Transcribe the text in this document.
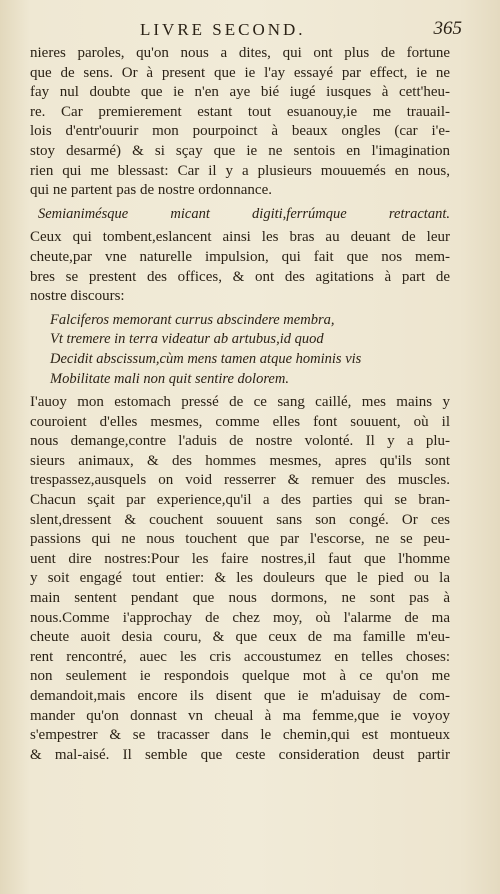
LIVRE SECOND.	365
nieres paroles, qu'on nous a dites, qui ont plus de fortune
que de sens. Or à present que ie l'ay essayé par effect, ie ne
fay nul doubte que ie n'en aye bié iugé iusques à cett'heu-
re. Car premierement estant tout esuanouy,ie me trauail-
lois d'entr'ouurir mon pourpoinct à beaux ongles (car i'e-
stoy desarmé) & si sçay que ie ne sentois en l'imagination
rien qui me blessast: Car il y a plusieurs mouuemés en nous,
qui ne partent pas de nostre ordonnance.
Semianimésque micant digiti,ferrúmque retractant.
Ceux qui tombent,eslancent ainsi les bras au deuant de leur
cheute,par vne naturelle impulsion, qui fait que nos mem-
bres se prestent des offices, & ont des agitations à part de
nostre discours:
Falciferos memorant currus abscindere membra,
Vt tremere in terra videatur ab artubus,id quod
Decidit abscissum,cùm mens tamen atque hominis vis
Mobilitate mali non quit sentire dolorem.
I'auoy mon estomach pressé de ce sang caillé, mes mains y
couroient d'elles mesmes, comme elles font souuent, où il
nous demange,contre l'aduis de nostre volonté. Il y a plu-
sieurs animaux, & des hommes mesmes, apres qu'ils sont
trespassez,ausquels on void resserrer & remuer des muscles.
Chacun sçait par experience,qu'il a des parties qui se bran-
slent,dressent & couchent souuent sans son congé. Or ces
passions qui ne nous touchent que par l'escorse, ne se peu-
uent dire nostres:Pour les faire nostres,il faut que l'homme
y soit engagé tout entier: & les douleurs que le pied ou la
main sentent pendant que nous dormons, ne sont pas à
nous.Comme i'approchay de chez moy, où l'alarme de ma
cheute auoit desia couru, & que ceux de ma famille m'eu-
rent rencontré, auec les cris accoustumez en telles choses:
non seulement ie respondois quelque mot à ce qu'on me
demandoit,mais encore ils disent que ie m'aduisay de com-
mander qu'on donnast vn cheual à ma femme,que ie voyoy
s'empestrer & se tracasser dans le chemin,qui est montueux
& mal-aisé. Il semble que ceste consideration deust partir
